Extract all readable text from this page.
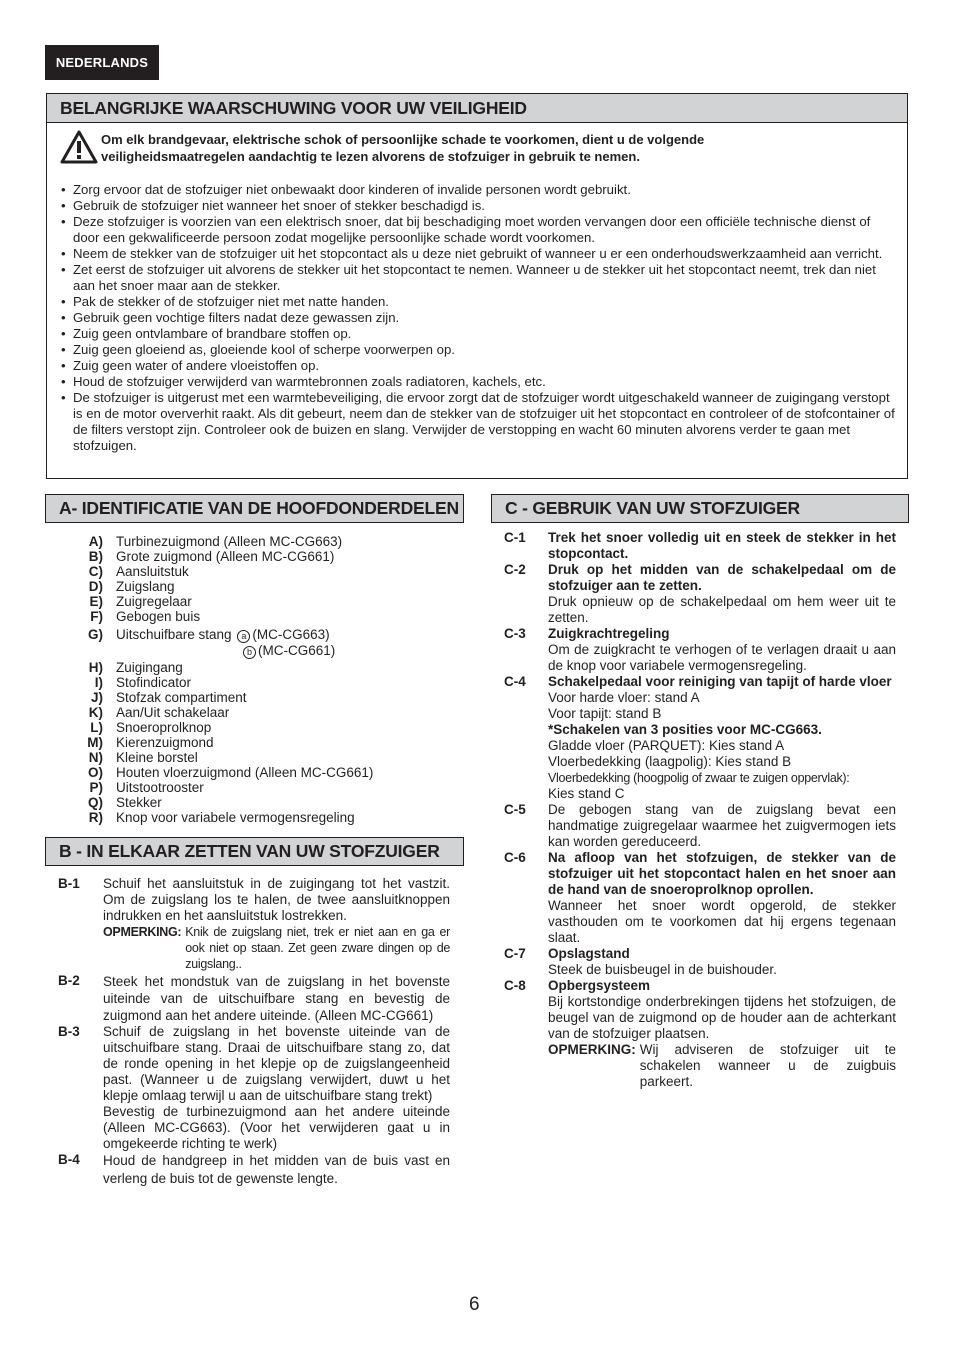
NEDERLANDS
BELANGRIJKE WAARSCHUWING VOOR UW VEILIGHEID
Om elk brandgevaar, elektrische schok of persoonlijke schade te voorkomen, dient u de volgende veiligheidsmaatregelen aandachtig te lezen alvorens de stofzuiger in gebruik te nemen.
• Zorg ervoor dat de stofzuiger niet onbewaakt door kinderen of invalide personen wordt gebruikt.
• Gebruik de stofzuiger niet wanneer het snoer of stekker beschadigd is.
• Deze stofzuiger is voorzien van een elektrisch snoer, dat bij beschadiging moet worden vervangen door een officiële technische dienst of door een gekwalificeerde persoon zodat mogelijke persoonlijke schade wordt voorkomen.
• Neem de stekker van de stofzuiger uit het stopcontact als u deze niet gebruikt of wanneer u er een onderhoudswerkzaamheid aan verricht.
• Zet eerst de stofzuiger uit alvorens de stekker uit het stopcontact te nemen. Wanneer u de stekker uit het stopcontact neemt, trek dan niet aan het snoer maar aan de stekker.
• Pak de stekker of de stofzuiger niet met natte handen.
• Gebruik geen vochtige filters nadat deze gewassen zijn.
• Zuig geen ontvlambare of brandbare stoffen op.
• Zuig geen gloeiend as, gloeiende kool of scherpe voorwerpen op.
• Zuig geen water of andere vloeistoffen op.
• Houd de stofzuiger verwijderd van warmtebronnen zoals radiatoren, kachels, etc.
• De stofzuiger is uitgerust met een warmtebeveiliging, die ervoor zorgt dat de stofzuiger wordt uitgeschakeld wanneer de zuigingang verstopt is en de motor oververhit raakt. Als dit gebeurt, neem dan de stekker van de stofzuiger uit het stopcontact en controleer of de stofcontainer of de filters verstopt zijn. Controleer ook de buizen en slang. Verwijder de verstopping en wacht 60 minuten alvorens verder te gaan met stofzuigen.
A- IDENTIFICATIE VAN DE HOOFDONDERDELEN
A) Turbinezuigmond (Alleen MC-CG663)
B) Grote zuigmond (Alleen MC-CG661)
C) Aansluitstuk
D) Zuigslang
E) Zuigregelaar
F) Gebogen buis
G) Uitschuifbare stang a (MC-CG663)
b (MC-CG661)
H) Zuigingang
I) Stofindicator
J) Stofzak compartiment
K) Aan/Uit schakelaar
L) Snoeroprolknop
M) Kierenzuigmond
N) Kleine borstel
O) Houten vloerzuigmond (Alleen MC-CG661)
P) Uitstootrooster
Q) Stekker
R) Knop voor variabele vermogensregeling
B - IN ELKAAR ZETTEN VAN UW STOFZUIGER
B-1	Schuif het aansluitstuk in de zuigingang tot het vastzit. Om de zuigslang los te halen, de twee aansluitknoppen indrukken en het aansluitstuk lostrekken.
OPMERKING: Knik de zuigslang niet, trek er niet aan en ga er ook niet op staan. Zet geen zware dingen op de zuigslang..
B-2	Steek het mondstuk van de zuigslang in het bovenste uiteinde van de uitschuifbare stang en bevestig de zuigmond aan het andere uiteinde. (Alleen MC-CG661)
B-3	Schuif de zuigslang in het bovenste uiteinde van de uitschuifbare stang. Draai de uitschuifbare stang zo, dat de ronde opening in het klepje op de zuigslangeenheid past. (Wanneer u de zuigslang verwijdert, duwt u het klepje omlaag terwijl u aan de uitschuifbare stang trekt)
Bevestig de turbinezuigmond aan het andere uiteinde (Alleen MC-CG663). (Voor het verwijderen gaat u in omgekeerde richting te werk)
B-4	Houd de handgreep in het midden van de buis vast en verleng de buis tot de gewenste lengte.
C - GEBRUIK VAN UW STOFZUIGER
C-1	Trek het snoer volledig uit en steek de stekker in het stopcontact.
C-2	Druk op het midden van de schakelpedaal om de stofzuiger aan te zetten.
Druk opnieuw op de schakelpedaal om hem weer uit te zetten.
C-3	Zuigkrachtregeling
Om de zuigkracht te verhogen of te verlagen draait u aan de knop voor variabele vermogensregeling.
C-4	Schakelpedaal voor reiniging van tapijt of harde vloer
Voor harde vloer: stand A
Voor tapijt: stand B
*Schakelen van 3 posities voor MC-CG663.
Gladde vloer (PARQUET): Kies stand A
Vloerbedekking (laagpolig): Kies stand B
Vloerbedekking (hoogpolig of zwaar te zuigen oppervlak):
Kies stand C
C-5	De gebogen stang van de zuigslang bevat een handmatige zuigregelaar waarmee het zuigvermogen iets kan worden gereduceerd.
C-6	Na afloop van het stofzuigen, de stekker van de stofzuiger uit het stopcontact halen en het snoer aan de hand van de snoeroprolknop oprollen.
Wanneer het snoer wordt opgerold, de stekker vasthouden om te voorkomen dat hij ergens tegenaan slaat.
C-7	Opslagstand
Steek de buisbeugel in de buishouder.
C-8	Opbergsysteem
Bij kortstondige onderbrekingen tijdens het stofzuigen, de beugel van de zuigmond op de houder aan de achterkant van de stofzuiger plaatsen.
OPMERKING: Wij adviseren de stofzuiger uit te schakelen wanneer u de zuigbuis parkeert.
6
